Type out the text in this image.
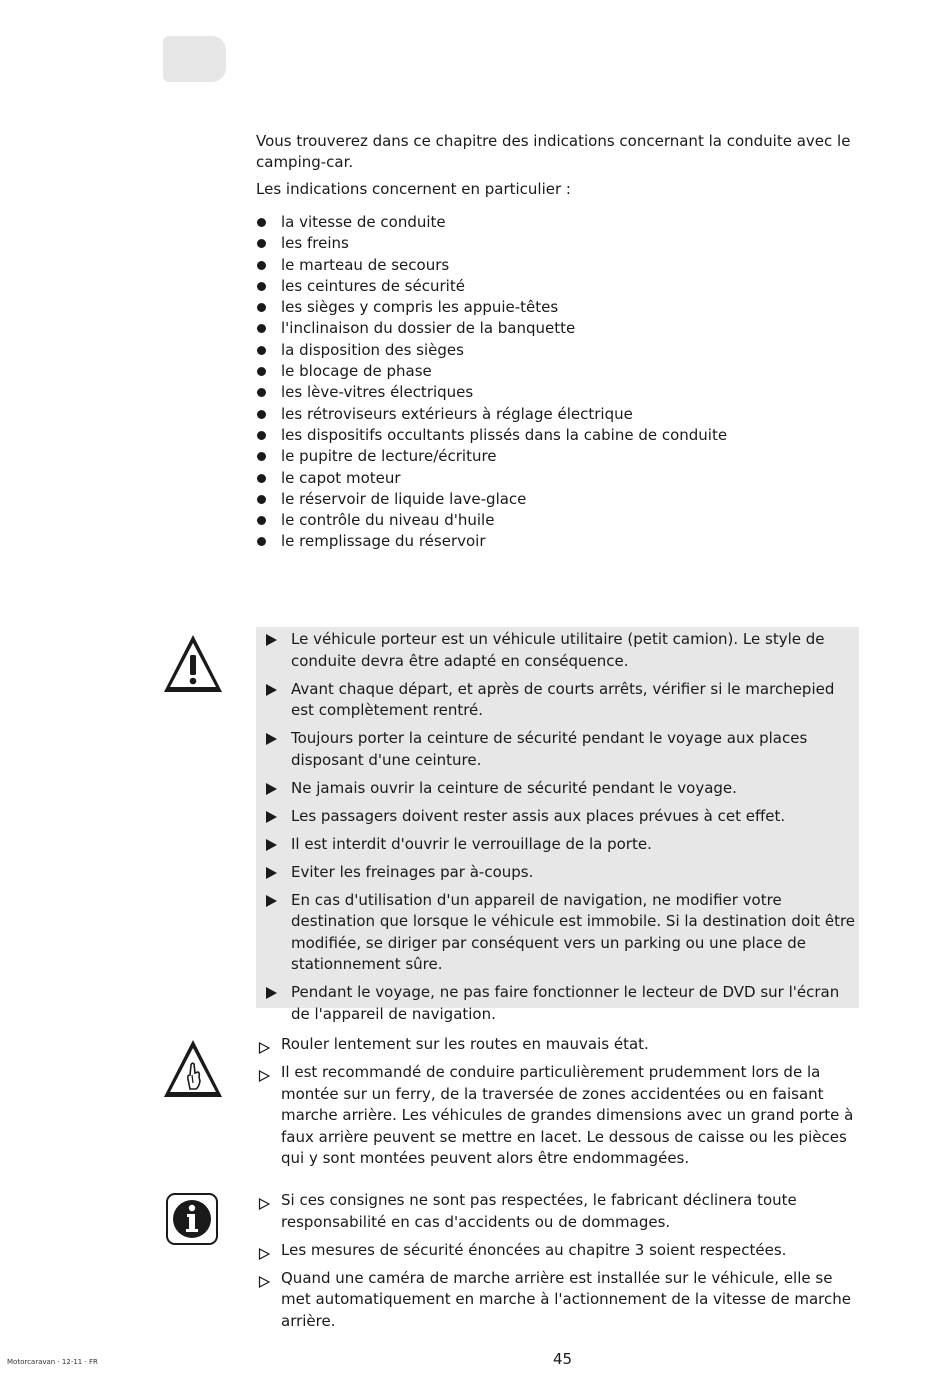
Vous trouverez dans ce chapitre des indications concernant la conduite avec le camping-car.

Les indications concernent en particulier :

la vitesse de conduite
les freins
le marteau de secours
les ceintures de sécurité
les sièges y compris les appuie-têtes
l'inclinaison du dossier de la banquette
la disposition des sièges
le blocage de phase
les lève-vitres électriques
les rétroviseurs extérieurs à réglage électrique
les dispositifs occultants plissés dans la cabine de conduite
le pupitre de lecture/écriture
le capot moteur
le réservoir de liquide lave-glace
le contrôle du niveau d'huile
le remplissage du réservoir
Le véhicule porteur est un véhicule utilitaire (petit camion). Le style de conduite devra être adapté en conséquence.
Avant chaque départ, et après de courts arrêts, vérifier si le marchepied est complètement rentré.
Toujours porter la ceinture de sécurité pendant le voyage aux places disposant d'une ceinture.
Ne jamais ouvrir la ceinture de sécurité pendant le voyage.
Les passagers doivent rester assis aux places prévues à cet effet.
Il est interdit d'ouvrir le verrouillage de la porte.
Eviter les freinages par à-coups.
En cas d'utilisation d'un appareil de navigation, ne modifier votre destination que lorsque le véhicule est immobile. Si la destination doit être modifiée, se diriger par conséquent vers un parking ou une place de stationnement sûre.
Pendant le voyage, ne pas faire fonctionner le lecteur de DVD sur l'écran de l'appareil de navigation.
Rouler lentement sur les routes en mauvais état.
Il est recommandé de conduire particulièrement prudemment lors de la montée sur un ferry, de la traversée de zones accidentées ou en faisant marche arrière. Les véhicules de grandes dimensions avec un grand porte à faux arrière peuvent se mettre en lacet. Le dessous de caisse ou les pièces qui y sont montées peuvent alors être endommagées.
Si ces consignes ne sont pas respectées, le fabricant déclinera toute responsabilité en cas d'accidents ou de dommages.
Les mesures de sécurité énoncées au chapitre 3 soient respectées.
Quand une caméra de marche arrière est installée sur le véhicule, elle se met automatiquement en marche à l'actionnement de la vitesse de marche arrière.
Motorcaravan · 12-11 · FR	45
